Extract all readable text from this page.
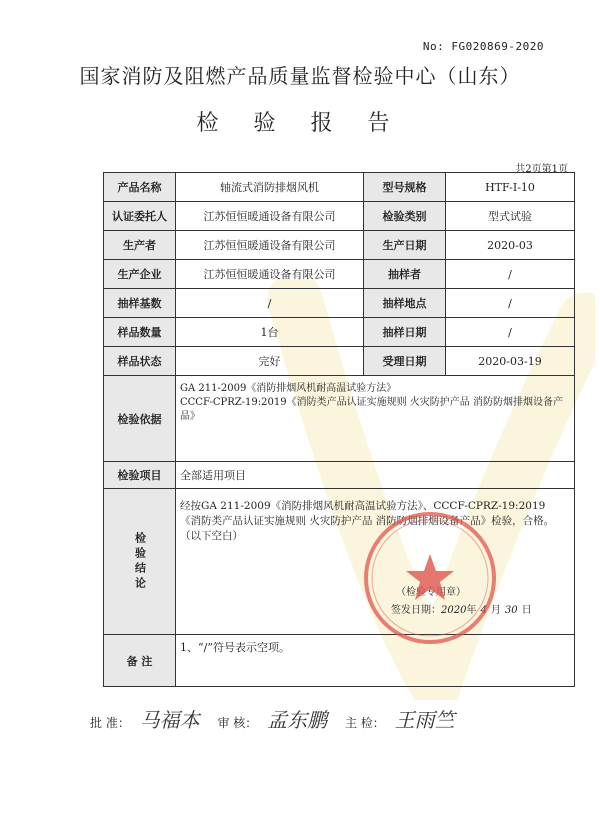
No: FG020869-2020
国家消防及阻燃产品质量监督检验中心（山东）
检 验 报 告
共2页第1页
产品名称	轴流式消防排烟风机	型号规格	HTF-I-10
认证委托人	江苏恒恒暖通设备有限公司	检验类别	型式试验
生产者	江苏恒恒暖通设备有限公司	生产日期	2020-03
生产企业	江苏恒恒暖通设备有限公司	抽样者	/
抽样基数	/	抽样地点	/
样品数量	1台	抽样日期	/
样品状态	完好	受理日期	2020-03-19
检验依据	GA 211-2009《消防排烟风机耐高温试验方法》
CCCF-CPRZ-19:2019《消防类产品认证实施规则 火灾防护产品 消防防烟排烟设备产品》		

检验项目	全部适用项目		

检验结论	经按GA 211-2009《消防排烟风机耐高温试验方法》、CCCF-CPRZ-19:2019
《消防类产品认证实施规则 火灾防护产品 消防防烟排烟设备产品》检验，合格。
（以下空白）
（检验专用章）
签发日期：2020年 4 月 30 日		

备 注	1、“/”符号表示空项。		
批 准： 马福本 审 核： 孟东鹏 主 检： 王雨竺
